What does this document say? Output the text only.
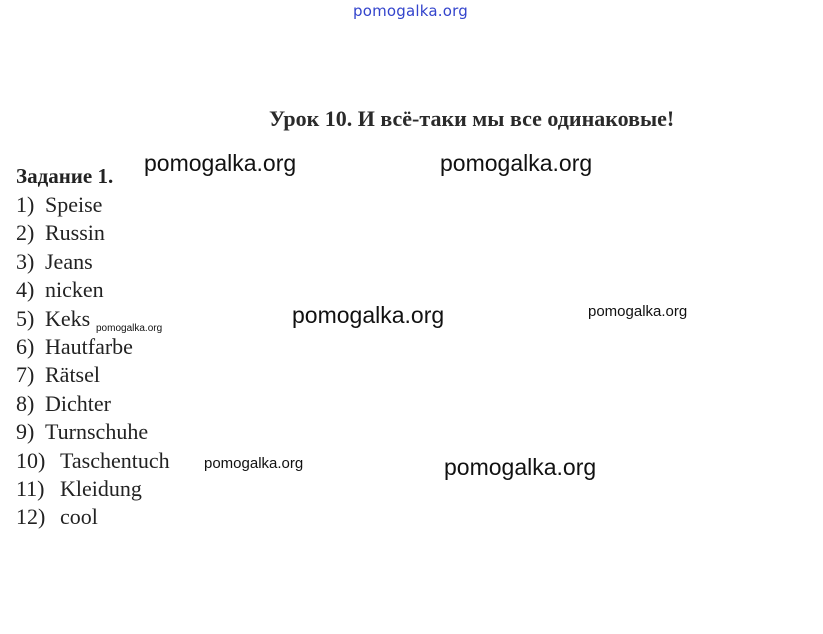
pomogalka.org
Урок 10. И всё-таки мы все одинаковые!
Задание 1.
1) Speise
2) Russin
3) Jeans
4) nicken
5) Keks
6) Hautfarbe
7) Rätsel
8) Dichter
9) Turnschuhe
10) Taschentuch
11) Kleidung
12) cool
pomogalka.org	pomogalka.org
pomogalka.org	pomogalka.org
pomogalka.org
pomogalka.org	pomogalka.org
